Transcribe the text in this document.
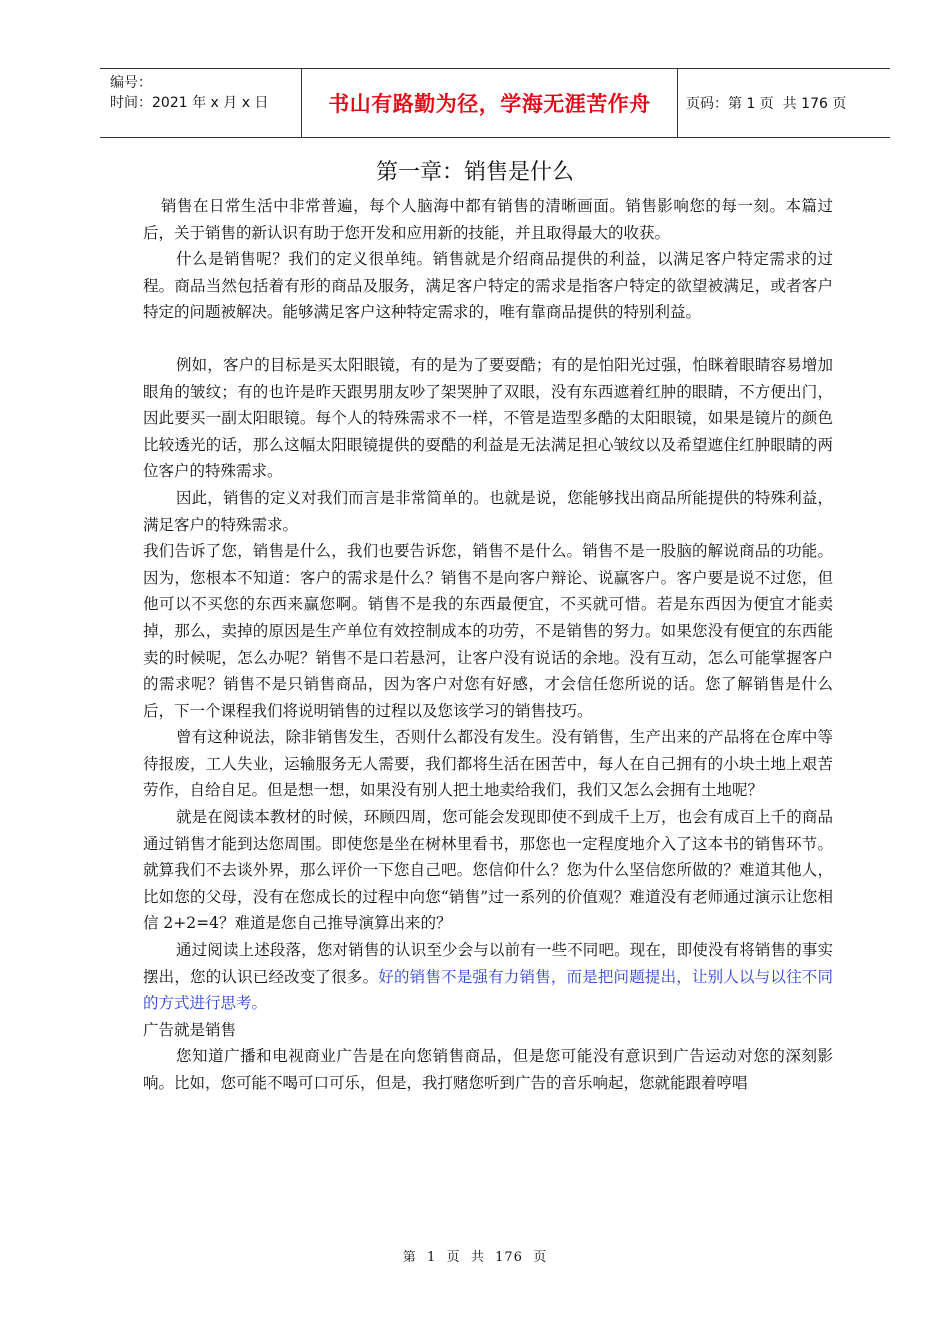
编号：
时间：2021 年 x 月 x 日	书山有路勤为径，学海无涯苦作舟	页码：第 1 页  共 176 页
第一章：销售是什么

销售在日常生活中非常普遍，每个人脑海中都有销售的清晰画面。销售影响您的每一刻。本篇过后，关于销售的新认识有助于您开发和应用新的技能，并且取得最大的收获。

什么是销售呢？我们的定义很单纯。销售就是介绍商品提供的利益，以满足客户特定需求的过程。商品当然包括着有形的商品及服务，满足客户特定的需求是指客户特定的欲望被满足，或者客户特定的问题被解决。能够满足客户这种特定需求的，唯有靠商品提供的特别利益。

例如，客户的目标是买太阳眼镜，有的是为了要耍酷；有的是怕阳光过强，怕眯着眼睛容易增加眼角的皱纹；有的也许是昨天跟男朋友吵了架哭肿了双眼，没有东西遮着红肿的眼睛，不方便出门，因此要买一副太阳眼镜。每个人的特殊需求不一样，不管是造型多酷的太阳眼镜，如果是镜片的颜色比较透光的话，那么这幅太阳眼镜提供的耍酷的利益是无法满足担心皱纹以及希望遮住红肿眼睛的两位客户的特殊需求。

因此，销售的定义对我们而言是非常简单的。也就是说，您能够找出商品所能提供的特殊利益，满足客户的特殊需求。

我们告诉了您，销售是什么，我们也要告诉您，销售不是什么。销售不是一股脑的解说商品的功能。因为，您根本不知道：客户的需求是什么？销售不是向客户辩论、说赢客户。客户要是说不过您，但他可以不买您的东西来赢您啊。销售不是我的东西最便宜，不买就可惜。若是东西因为便宜才能卖掉，那么，卖掉的原因是生产单位有效控制成本的功劳，不是销售的努力。如果您没有便宜的东西能卖的时候呢，怎么办呢？销售不是口若悬河，让客户没有说话的余地。没有互动，怎么可能掌握客户的需求呢？销售不是只销售商品，因为客户对您有好感，才会信任您所说的话。您了解销售是什么后，下一个课程我们将说明销售的过程以及您该学习的销售技巧。

曾有这种说法，除非销售发生，否则什么都没有发生。没有销售，生产出来的产品将在仓库中等待报废，工人失业，运输服务无人需要，我们都将生活在困苦中，每人在自己拥有的小块土地上艰苦劳作，自给自足。但是想一想，如果没有别人把土地卖给我们，我们又怎么会拥有土地呢？

就是在阅读本教材的时候，环顾四周，您可能会发现即使不到成千上万，也会有成百上千的商品通过销售才能到达您周围。即使您是坐在树林里看书，那您也一定程度地介入了这本书的销售环节。就算我们不去谈外界，那么评价一下您自己吧。您信仰什么？您为什么坚信您所做的？难道其他人，比如您的父母，没有在您成长的过程中向您“销售”过一系列的价值观？难道没有老师通过演示让您相信 2+2=4？难道是您自己推导演算出来的？

通过阅读上述段落，您对销售的认识至少会与以前有一些不同吧。现在，即使没有将销售的事实摆出，您的认识已经改变了很多。好的销售不是强有力销售，而是把问题提出，让别人以与以往不同的方式进行思考。

广告就是销售

您知道广播和电视商业广告是在向您销售商品，但是您可能没有意识到广告运动对您的深刻影响。比如，您可能不喝可口可乐，但是，我打赌您听到广告的音乐响起，您就能跟着哼唱

第  1  页  共  176  页
